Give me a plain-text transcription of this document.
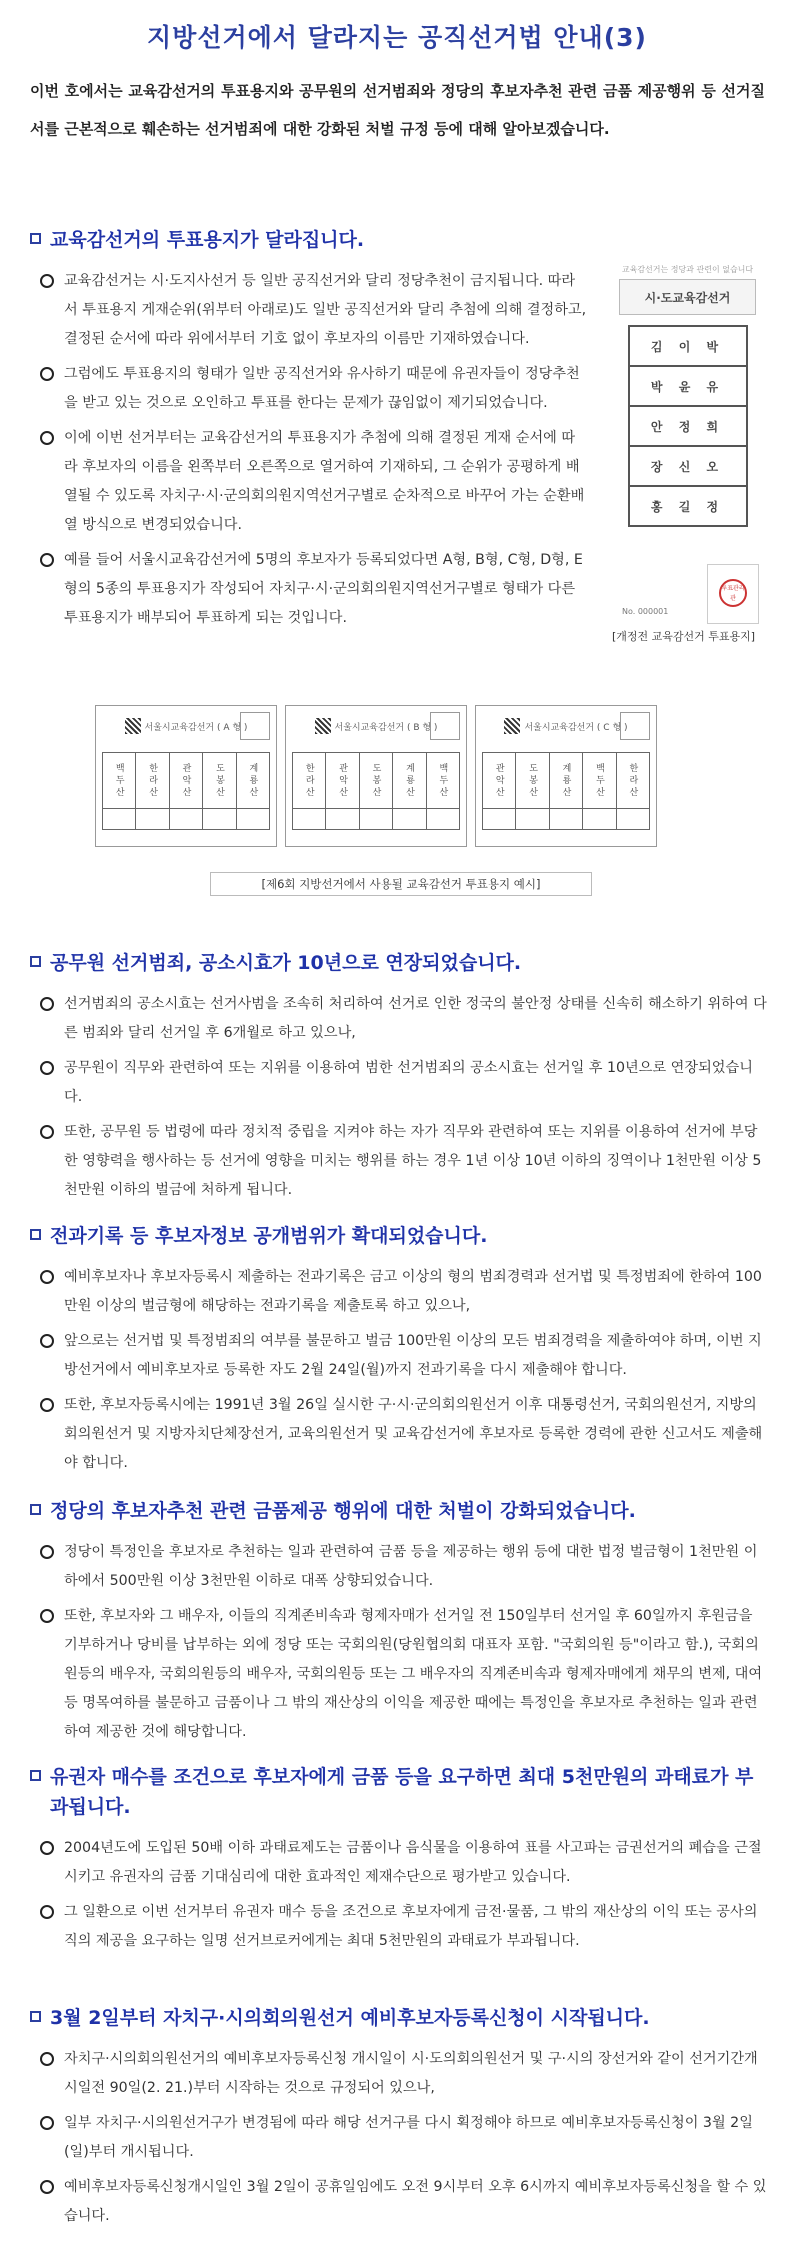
지방선거에서 달라지는 공직선거법 안내(3)
이번 호에서는 교육감선거의 투표용지와 공무원의 선거범죄와 정당의 후보자추천 관련 금품 제공행위 등 선거질서를 근본적으로 훼손하는 선거범죄에 대한 강화된 처벌 규정 등에 대해 알아보겠습니다.
교육감선거의 투표용지가 달라집니다.
교육감선거는 시·도지사선거 등 일반 공직선거와 달리 정당추천이 금지됩니다. 따라서 투표용지 게재순위(위부터 아래로)도 일반 공직선거와 달리 추첨에 의해 결정하고, 결정된 순서에 따라 위에서부터 기호 없이 후보자의 이름만 기재하였습니다.
그럼에도 투표용지의 형태가 일반 공직선거와 유사하기 때문에 유권자들이 정당추천을 받고 있는 것으로 오인하고 투표를 한다는 문제가 끊임없이 제기되었습니다.
이에 이번 선거부터는 교육감선거의 투표용지가 추첨에 의해 결정된 게재 순서에 따라 후보자의 이름을 왼쪽부터 오른쪽으로 열거하여 기재하되, 그 순위가 공평하게 배열될 수 있도록 자치구·시·군의회의원지역선거구별로 순차적으로 바꾸어 가는 순환배열 방식으로 변경되었습니다.
예를 들어 서울시교육감선거에 5명의 후보자가 등록되었다면 A형, B형, C형, D형, E형의 5종의 투표용지가 작성되어 자치구·시·군의회의원지역선거구별로 형태가 다른 투표용지가 배부되어 투표하게 되는 것입니다.
교육감선거는 정당과 관련이 없습니다
시·도교육감선거
김 이 박
박 윤 유
안 정 희
장 신 오
홍 길 정
투표관리관
No. 000001
[개정전 교육감선거 투표용지]
서울시교육감선거
( A 형 )
백두산	한라산	관악산	도봉산	계룡산
서울시교육감선거
( B 형 )
한라산	관악산	도봉산	계룡산	백두산
서울시교육감선거
( C 형 )
관악산	도봉산	계룡산	백두산	한라산
[제6회 지방선거에서 사용될 교육감선거 투표용지 예시]
공무원 선거범죄, 공소시효가 10년으로 연장되었습니다.
선거범죄의 공소시효는 선거사범을 조속히 처리하여 선거로 인한 정국의 불안정 상태를 신속히 해소하기 위하여 다른 범죄와 달리 선거일 후 6개월로 하고 있으나,
공무원이 직무와 관련하여 또는 지위를 이용하여 범한 선거범죄의 공소시효는 선거일 후 10년으로 연장되었습니다.
또한, 공무원 등 법령에 따라 정치적 중립을 지켜야 하는 자가 직무와 관련하여 또는 지위를 이용하여 선거에 부당한 영향력을 행사하는 등 선거에 영향을 미치는 행위를 하는 경우 1년 이상 10년 이하의 징역이나 1천만원 이상 5천만원 이하의 벌금에 처하게 됩니다.
전과기록 등 후보자정보 공개범위가 확대되었습니다.
예비후보자나 후보자등록시 제출하는 전과기록은 금고 이상의 형의 범죄경력과 선거법 및 특정범죄에 한하여 100만원 이상의 벌금형에 해당하는 전과기록을 제출토록 하고 있으나,
앞으로는 선거법 및 특정범죄의 여부를 불문하고 벌금 100만원 이상의 모든 범죄경력을 제출하여야 하며, 이번 지방선거에서 예비후보자로 등록한 자도 2월 24일(월)까지 전과기록을 다시 제출해야 합니다.
또한, 후보자등록시에는 1991년 3월 26일 실시한 구·시·군의회의원선거 이후 대통령선거, 국회의원선거, 지방의회의원선거 및 지방자치단체장선거, 교육의원선거 및 교육감선거에 후보자로 등록한 경력에 관한 신고서도 제출해야 합니다.
정당의 후보자추천 관련 금품제공 행위에 대한 처벌이 강화되었습니다.
정당이 특정인을 후보자로 추천하는 일과 관련하여 금품 등을 제공하는 행위 등에 대한 법정 벌금형이 1천만원 이하에서 500만원 이상 3천만원 이하로 대폭 상향되었습니다.
또한, 후보자와 그 배우자, 이들의 직계존비속과 형제자매가 선거일 전 150일부터 선거일 후 60일까지 후원금을 기부하거나 당비를 납부하는 외에 정당 또는 국회의원(당원협의회 대표자 포함. "국회의원 등"이라고 함.), 국회의원등의 배우자, 국회의원등의 배우자, 국회의원등 또는 그 배우자의 직계존비속과 형제자매에게 채무의 변제, 대여 등 명목여하를 불문하고 금품이나 그 밖의 재산상의 이익을 제공한 때에는 특정인을 후보자로 추천하는 일과 관련하여 제공한 것에 해당합니다.
유권자 매수를 조건으로 후보자에게 금품 등을 요구하면 최대 5천만원의 과태료가 부과됩니다.
2004년도에 도입된 50배 이하 과태료제도는 금품이나 음식물을 이용하여 표를 사고파는 금권선거의 폐습을 근절시키고 유권자의 금품 기대심리에 대한 효과적인 제재수단으로 평가받고 있습니다.
그 일환으로 이번 선거부터 유권자 매수 등을 조건으로 후보자에게 금전·물품, 그 밖의 재산상의 이익 또는 공사의 직의 제공을 요구하는 일명 선거브로커에게는 최대 5천만원의 과태료가 부과됩니다.
3월 2일부터 자치구·시의회의원선거 예비후보자등록신청이 시작됩니다.
자치구·시의회의원선거의 예비후보자등록신청 개시일이 시·도의회의원선거 및 구·시의 장선거와 같이 선거기간개시일전 90일(2. 21.)부터 시작하는 것으로 규정되어 있으나,
일부 자치구·시의원선거구가 변경됨에 따라 해당 선거구를 다시 획정해야 하므로 예비후보자등록신청이 3월 2일(일)부터 개시됩니다.
예비후보자등록신청개시일인 3월 2일이 공휴일임에도 오전 9시부터 오후 6시까지 예비후보자등록신청을 할 수 있습니다.
